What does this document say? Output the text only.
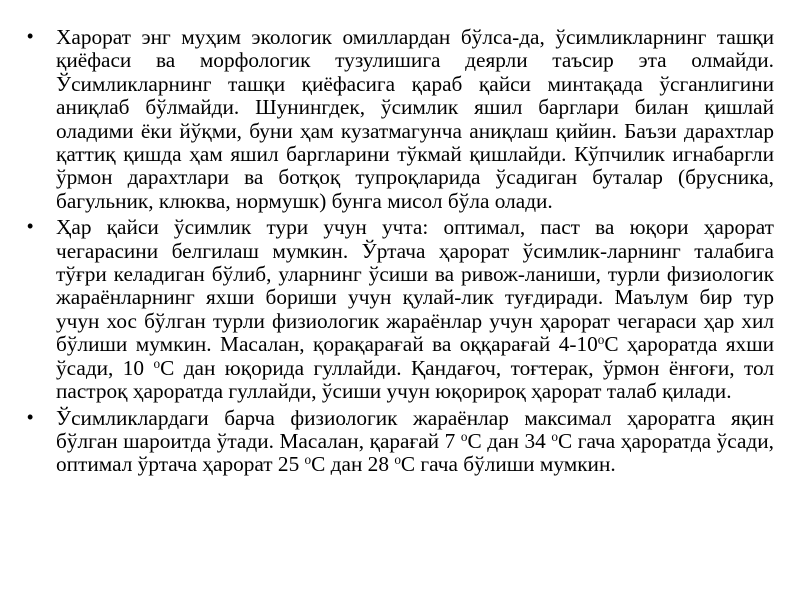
• Харорат энг муҳим экологик омиллардан бўлса-да, ўсимликларнинг ташқи қиёфаси ва морфологик тузулишига деярли таъсир эта олмайди. Ўсимликларнинг ташқи қиёфасига қараб қайси минтақада ўсганлигини аниқлаб бўлмайди. Шунингдек, ўсимлик яшил барглари билан қишлай оладими ёки йўқми, буни ҳам кузатмагунча аниқлаш қийин. Баъзи дарахтлар қаттиқ қишда ҳам яшил баргларини тўкмай қишлайди. Кўпчилик игнабаргли ўрмон дарахтлари ва ботқоқ тупроқларида ўсадиган буталар (брусника, багульник, клюква, нормушк) бунга мисол бўла олади.
• Ҳар қайси ўсимлик тури учун учта: оптимал, паст ва юқори ҳарорат чегарасини белгилаш мумкин. Ўртача ҳарорат ўсимлик-ларнинг талабига тўғри келадиган бўлиб, уларнинг ўсиши ва ривож-ланиши, турли физиологик жараёнларнинг яхши бориши учун қулай-лик туғдиради. Маълум бир тур учун хос бўлган турли физиологик жараёнлар учун ҳарорат чегараси ҳар хил бўлиши мумкин. Масалан, қорақарағай ва оққарағай $4-10^оС$ ҳароратда яхши ўсади, 10 $^о$С дан юқорида гуллайди. Қандағоч, тоғтерак, ўрмон ёнғоғи, тол пастроқ ҳароратда гуллайди, ўсиши учун юқорироқ ҳарорат талаб қилади.
• Ўсимликлардаги барча физиологик жараёнлар максимал ҳароратга яқин бўлган шароитда ўтади. Масалан, қарағай 7 $^о$С дан 34 $^о$С гача ҳароратда ўсади, оптимал ўртача ҳарорат 25 $^о$С дан 28 $^о$С гача бўлиши мумкин.
